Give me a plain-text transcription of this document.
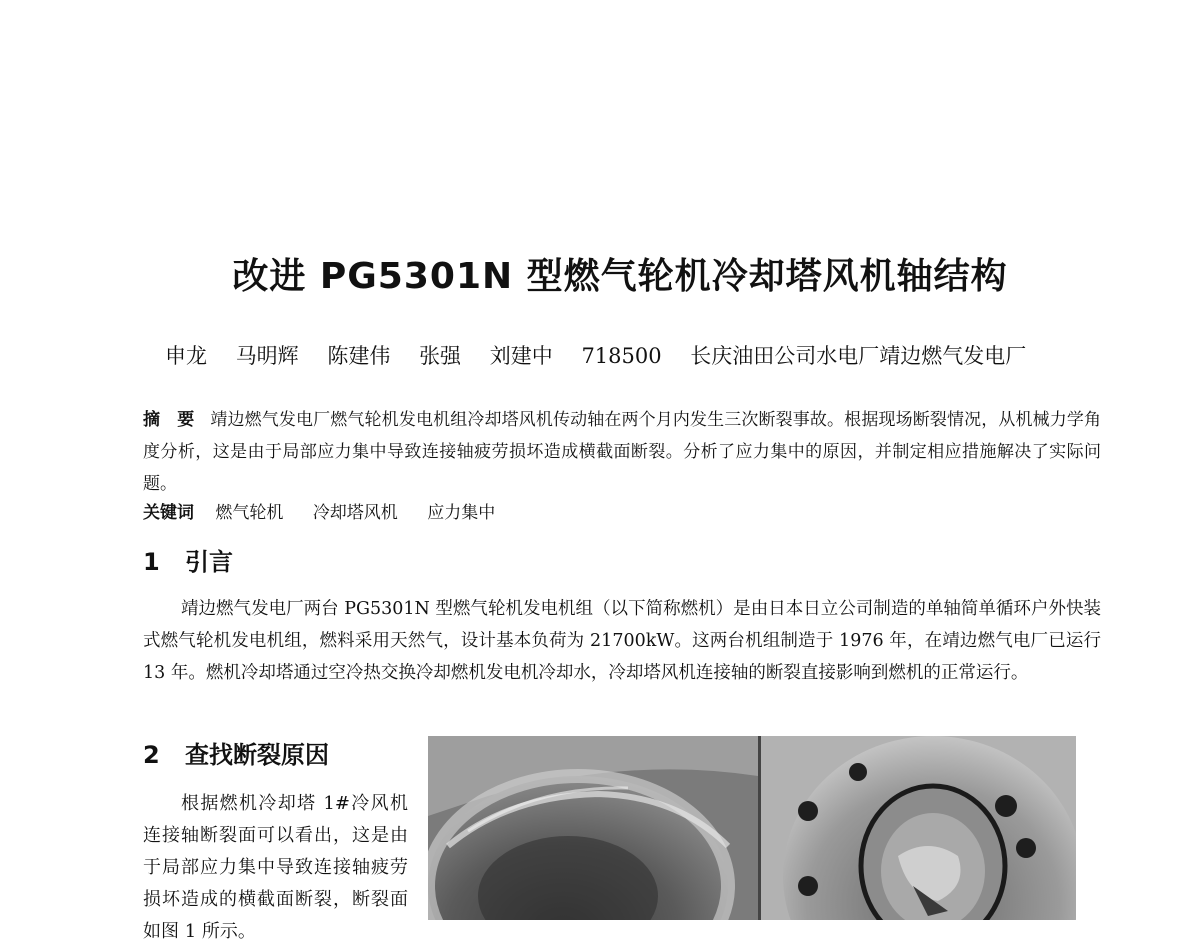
改进 PG5301N 型燃气轮机冷却塔风机轴结构
申龙 马明辉 陈建伟 张强 刘建中 718500 长庆油田公司水电厂靖边燃气发电厂
摘　要 靖边燃气发电厂燃气轮机发电机组冷却塔风机传动轴在两个月内发生三次断裂事故。根据现场断裂情况，从机械力学角度分析，这是由于局部应力集中导致连接轴疲劳损坏造成横截面断裂。分析了应力集中的原因，并制定相应措施解决了实际问题。
关键词 燃气轮机 冷却塔风机 应力集中
1 引言
靖边燃气发电厂两台 PG5301N 型燃气轮机发电机组（以下简称燃机）是由日本日立公司制造的单轴简单循环户外快装式燃气轮机发电机组，燃料采用天然气，设计基本负荷为 21700kW。这两台机组制造于 1976 年，在靖边燃气电厂已运行 13 年。燃机冷却塔通过空冷热交换冷却燃机发电机冷却水，冷却塔风机连接轴的断裂直接影响到燃机的正常运行。
2 查找断裂原因
根据燃机冷却塔 1#冷风机连接轴断裂面可以看出，这是由于局部应力集中导致连接轴疲劳损坏造成的横截面断裂，断裂面如图 1 所示。
